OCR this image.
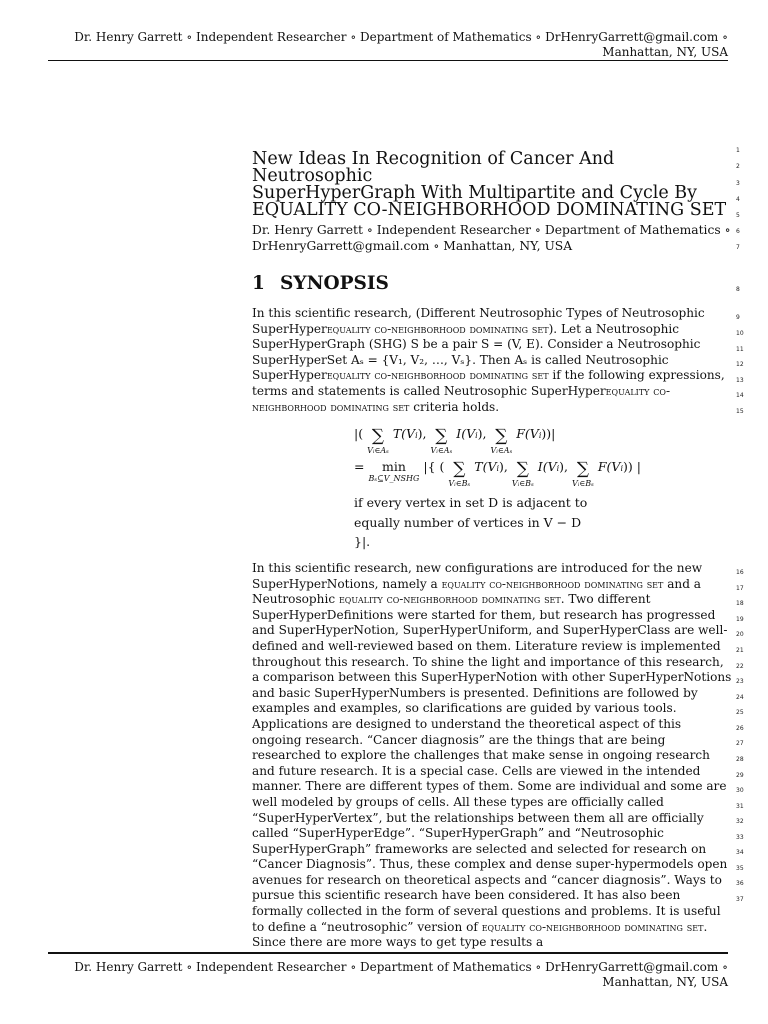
Dr. Henry Garrett ∘ Independent Researcher ∘ Department of Mathematics ∘ DrHenryGarrett@gmail.com ∘ Manhattan, NY, USA
New Ideas In Recognition of Cancer And Neutrosophic
SuperHyperGraph With Multipartite and Cycle By
EQUALITY CO-NEIGHBORHOOD DOMINATING SET
Dr. Henry Garrett ∘ Independent Researcher ∘ Department of Mathematics ∘
DrHenryGarrett@gmail.com ∘ Manhattan, NY, USA
1 SYNOPSIS

In this scientific research, (Different Neutrosophic Types of Neutrosophic SuperHyperequality co-neighborhood dominating set). Let a Neutrosophic SuperHyperGraph (SHG) S be a pair S = (V, E). Consider a Neutrosophic SuperHyperSet Aₛ = {V₁, V₂, …, Vₛ}. Then Aₛ is called Neutrosophic SuperHyperequality co-neighborhood dominating set if the following expressions, terms and statements is called Neutrosophic SuperHyperequality co-neighborhood dominating set criteria holds.

|( ∑
Vᵢ∈Aₛ
T(Vi), ∑
Vᵢ∈Aₛ
I(Vi), ∑
Vᵢ∈Aₛ
F(Vi))|
= min
Bₛ⊆V_NSHG
|{ ( ∑
Vᵢ∈Bₛ
T(Vi), ∑
Vᵢ∈Bₛ
I(Vi), ∑
Vᵢ∈Bₛ
F(Vi)) |
if every vertex in set D is adjacent to
equally number of vertices in V − D
}|.

In this scientific research, new configurations are introduced for the new SuperHyperNotions, namely a equality co-neighborhood dominating set and a Neutrosophic equality co-neighborhood dominating set. Two different SuperHyperDefinitions were started for them, but research has progressed and SuperHyperNotion, SuperHyperUniform, and SuperHyperClass are well-defined and well-reviewed based on them. Literature review is implemented throughout this research. To shine the light and importance of this research, a comparison between this SuperHyperNotion with other SuperHyperNotions and basic SuperHyperNumbers is presented. Definitions are followed by examples and examples, so clarifications are guided by various tools. Applications are designed to understand the theoretical aspect of this ongoing research. “Cancer diagnosis” are the things that are being researched to explore the challenges that make sense in ongoing research and future research. It is a special case. Cells are viewed in the intended manner. There are different types of them. Some are individual and some are well modeled by groups of cells. All these types are officially called “SuperHyperVertex”, but the relationships between them all are officially called “SuperHyperEdge”. “SuperHyperGraph” and “Neutrosophic SuperHyperGraph” frameworks are selected and selected for research on “Cancer Diagnosis”. Thus, these complex and dense super-hypermodels open avenues for research on theoretical aspects and “cancer diagnosis”. Ways to pursue this scientific research have been considered. It has also been formally collected in the form of several questions and problems. It is useful to define a “neutrosophic” version of equality co-neighborhood dominating set. Since there are more ways to get type results a

1
2
3
4
5
6
7
8
9
10
11
12
13
14
15
16
17
18
19
20
21
22
23
24
25
26
27
28
29
30
31
32
33
34
35
36
37
Dr. Henry Garrett ∘ Independent Researcher ∘ Department of Mathematics ∘ DrHenryGarrett@gmail.com ∘ Manhattan, NY, USA
